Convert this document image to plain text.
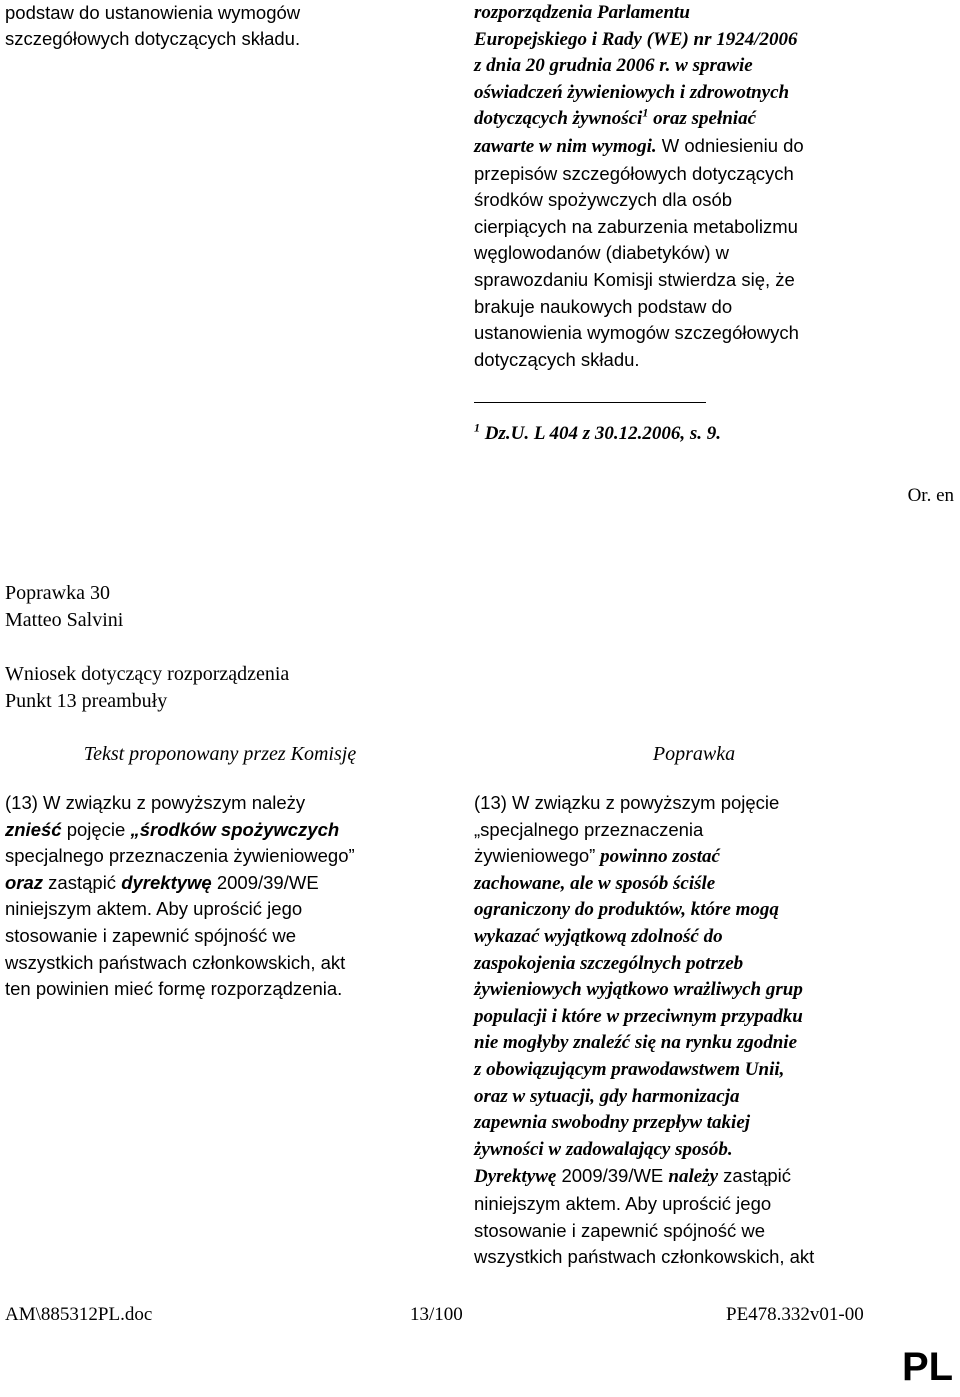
podstaw do ustanowienia wymogów

szczegółowych dotyczących składu.

rozporządzenia Parlamentu

Europejskiego i Rady (WE) nr 1924/2006

z dnia 20 grudnia 2006 r. w sprawie

oświadczeń żywieniowych i zdrowotnych

dotyczących żywności$^1$ oraz spełniać

zawarte w nim wymogi. W odniesieniu do

przepisów szczegółowych dotyczących

środków spożywczych dla osób

cierpiących na zaburzenia metabolizmu

węglowodanów (diabetyków) w

sprawozdaniu Komisji stwierdza się, że

brakuje naukowych podstaw do

ustanowienia wymogów szczegółowych

dotyczących składu.

$^1$ Dz.U. L 404 z 30.12.2006, s. 9.
Or. en

Poprawka 30

Matteo Salvini

Wniosek dotyczący rozporządzenia

Punkt 13 preambuły

Tekst proponowany przez Komisję	Poprawka

(13) W związku z powyższym należy

znieść pojęcie „środków spożywczych

specjalnego przeznaczenia żywieniowego”

oraz zastąpić dyrektywę 2009/39/WE

niniejszym aktem. Aby uprościć jego

stosowanie i zapewnić spójność we

wszystkich państwach członkowskich, akt

ten powinien mieć formę rozporządzenia.

(13) W związku z powyższym pojęcie

„specjalnego przeznaczenia

żywieniowego” powinno zostać

zachowane, ale w sposób ściśle

ograniczony do produktów, które mogą

wykazać wyjątkową zdolność do

zaspokojenia szczególnych potrzeb

żywieniowych wyjątkowo wrażliwych grup

populacji i które w przeciwnym przypadku

nie mogłyby znaleźć się na rynku zgodnie

z obowiązującym prawodawstwem Unii,

oraz w sytuacji, gdy harmonizacja

zapewnia swobodny przepływ takiej

żywności w zadowalający sposób.

Dyrektywę 2009/39/WE należy zastąpić

niniejszym aktem. Aby uprościć jego

stosowanie i zapewnić spójność we

wszystkich państwach członkowskich, akt

AM\885312PL.doc	13/100	PE478.332v01-00
PL
